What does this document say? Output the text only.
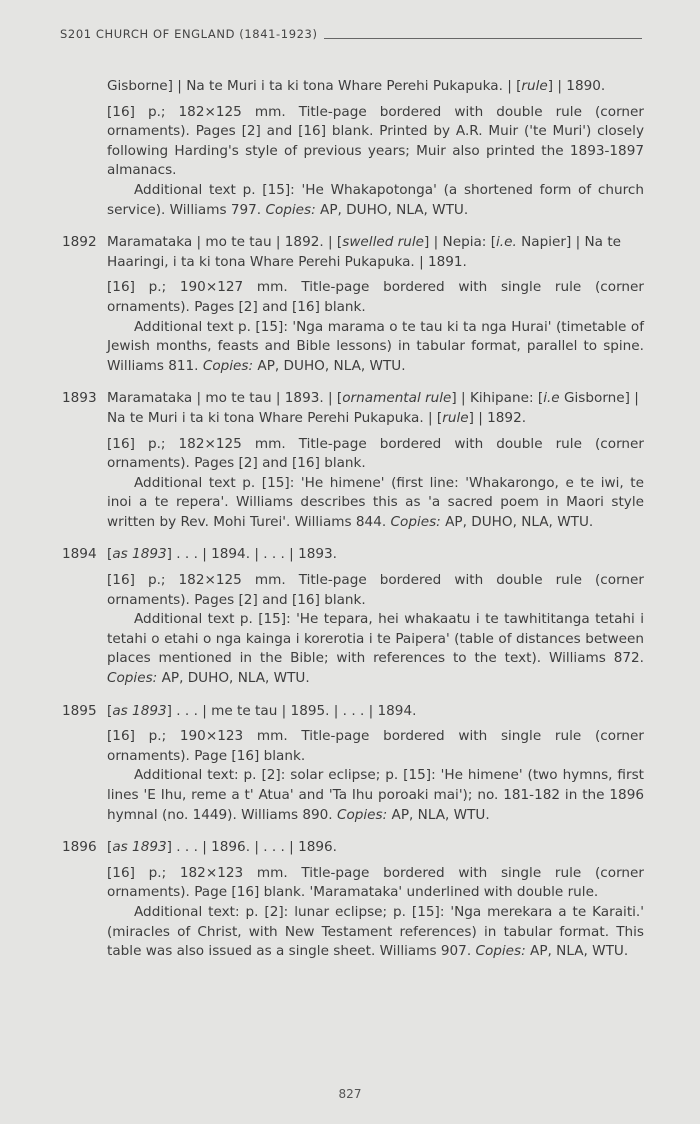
S201 CHURCH OF ENGLAND (1841-1923)

Gisborne] | Na te Muri i ta ki tona Whare Perehi Pukapuka. | [rule] | 1890.

[16] p.; 182×125 mm. Title-page bordered with double rule (corner ornaments). Pages [2] and [16] blank. Printed by A.R. Muir ('te Muri') closely following Harding's style of previous years; Muir also printed the 1893-1897 almanacs.

Additional text p. [15]: 'He Whakapotonga' (a shortened form of church service). Williams 797. Copies: AP, DUHO, NLA, WTU.

1892 Maramataka | mo te tau | 1892. | [swelled rule] | Nepia: [i.e. Napier] | Na te Haaringi, i ta ki tona Whare Perehi Pukapuka. | 1891.

[16] p.; 190×127 mm. Title-page bordered with single rule (corner ornaments). Pages [2] and [16] blank.

Additional text p. [15]: 'Nga marama o te tau ki ta nga Hurai' (timetable of Jewish months, feasts and Bible lessons) in tabular format, parallel to spine. Williams 811. Copies: AP, DUHO, NLA, WTU.

1893 Maramataka | mo te tau | 1893. | [ornamental rule] | Kihipane: [i.e Gisborne] | Na te Muri i ta ki tona Whare Perehi Pukapuka. | [rule] | 1892.

[16] p.; 182×125 mm. Title-page bordered with double rule (corner ornaments). Pages [2] and [16] blank.

Additional text p. [15]: 'He himene' (first line: 'Whakarongo, e te iwi, te inoi a te repera'. Williams describes this as 'a sacred poem in Maori style written by Rev. Mohi Turei'. Williams 844. Copies: AP, DUHO, NLA, WTU.

1894 [as 1893] . . . | 1894. | . . . | 1893.

[16] p.; 182×125 mm. Title-page bordered with double rule (corner ornaments). Pages [2] and [16] blank.

Additional text p. [15]: 'He tepara, hei whakaatu i te tawhititanga tetahi i tetahi o etahi o nga kainga i korerotia i te Paipera' (table of distances between places mentioned in the Bible; with references to the text). Williams 872. Copies: AP, DUHO, NLA, WTU.

1895 [as 1893] . . . | me te tau | 1895. | . . . | 1894.

[16] p.; 190×123 mm. Title-page bordered with single rule (corner ornaments). Page [16] blank.

Additional text: p. [2]: solar eclipse; p. [15]: 'He himene' (two hymns, first lines 'E Ihu, reme a t' Atua' and 'Ta Ihu poroaki mai'); no. 181-182 in the 1896 hymnal (no. 1449). Williams 890. Copies: AP, NLA, WTU.

1896 [as 1893] . . . | 1896. | . . . | 1896.

[16] p.; 182×123 mm. Title-page bordered with single rule (corner ornaments). Page [16] blank. 'Maramataka' underlined with double rule.

Additional text: p. [2]: lunar eclipse; p. [15]: 'Nga merekara a te Karaiti.' (miracles of Christ, with New Testament references) in tabular format. This table was also issued as a single sheet. Williams 907. Copies: AP, NLA, WTU.

827
